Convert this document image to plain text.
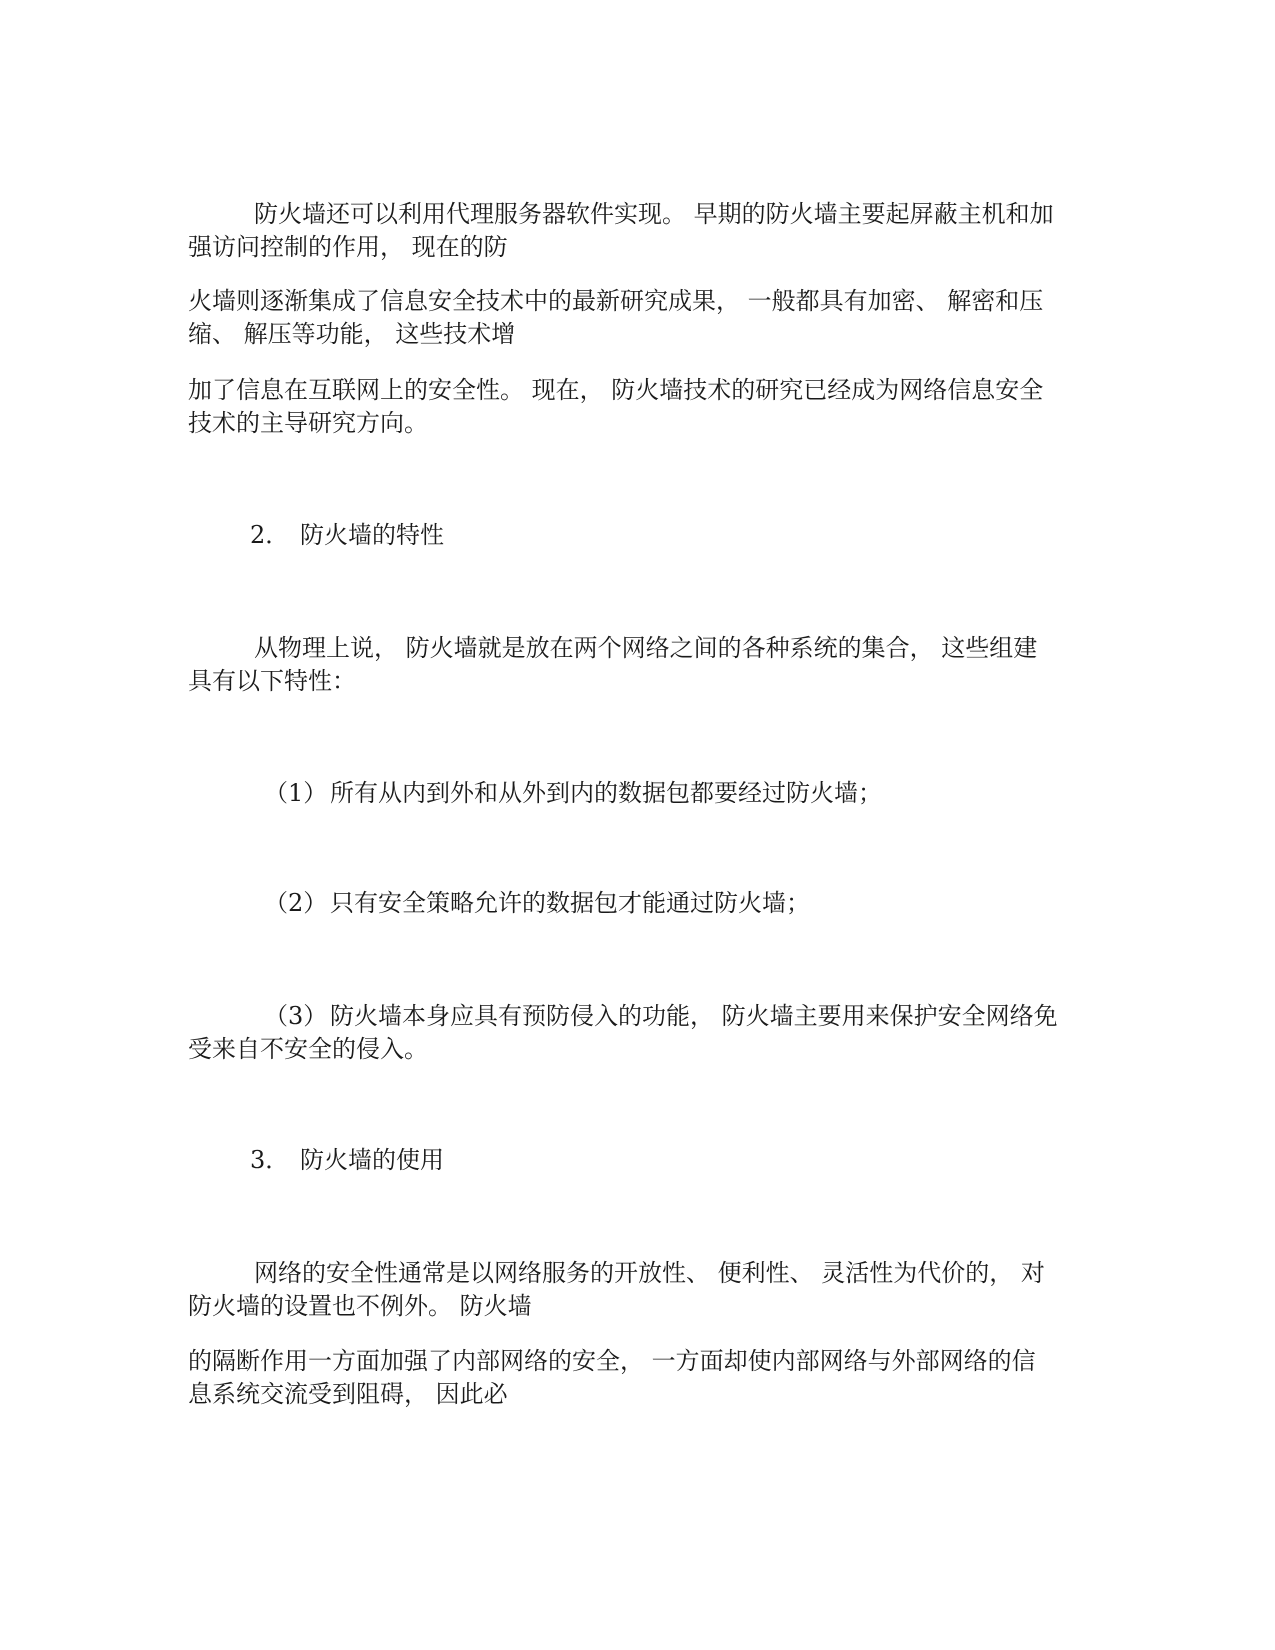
防火墙还可以利用代理服务器软件实现。 早期的防火墙主要起屏蔽主机和加
强访问控制的作用， 现在的防

火墙则逐渐集成了信息安全技术中的最新研究成果， 一般都具有加密、 解密和压
缩、 解压等功能， 这些技术增

加了信息在互联网上的安全性。 现在， 防火墙技术的研究已经成为网络信息安全
技术的主导研究方向。

2． 防火墙的特性

从物理上说， 防火墙就是放在两个网络之间的各种系统的集合， 这些组建
具有以下特性：

（1） 所有从内到外和从外到内的数据包都要经过防火墙；

（2） 只有安全策略允许的数据包才能通过防火墙；

（3） 防火墙本身应具有预防侵入的功能， 防火墙主要用来保护安全网络免
受来自不安全的侵入。

3． 防火墙的使用

网络的安全性通常是以网络服务的开放性、 便利性、 灵活性为代价的， 对
防火墙的设置也不例外。 防火墙

的隔断作用一方面加强了内部网络的安全， 一方面却使内部网络与外部网络的信
息系统交流受到阻碍， 因此必
